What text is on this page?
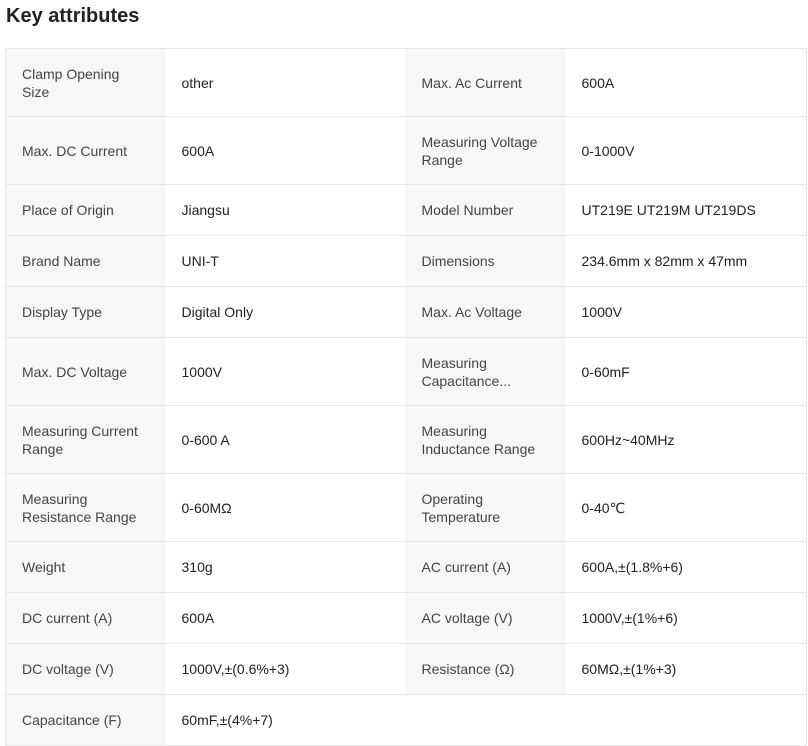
Key attributes
Clamp Opening Size	other	Max. Ac Current	600A
Max. DC Current	600A	Measuring Voltage Range	0-1000V
Place of Origin	Jiangsu	Model Number	UT219E UT219M UT219DS
Brand Name	UNI-T	Dimensions	234.6mm x 82mm x 47mm
Display Type	Digital Only	Max. Ac Voltage	1000V
Max. DC Voltage	1000V	Measuring Capacitance...	0-60mF
Measuring Current Range	0-600 A	Measuring Inductance Range	600Hz~40MHz
Measuring Resistance Range	0-60MΩ	Operating Temperature	0-40℃
Weight	310g	AC current (A)	600A,±(1.8%+6)
DC current (A)	600A	AC voltage (V)	1000V,±(1%+6)
DC voltage (V)	1000V,±(0.6%+3)	Resistance (Ω)	60MΩ,±(1%+3)
Capacitance (F)	60mF,±(4%+7)		
